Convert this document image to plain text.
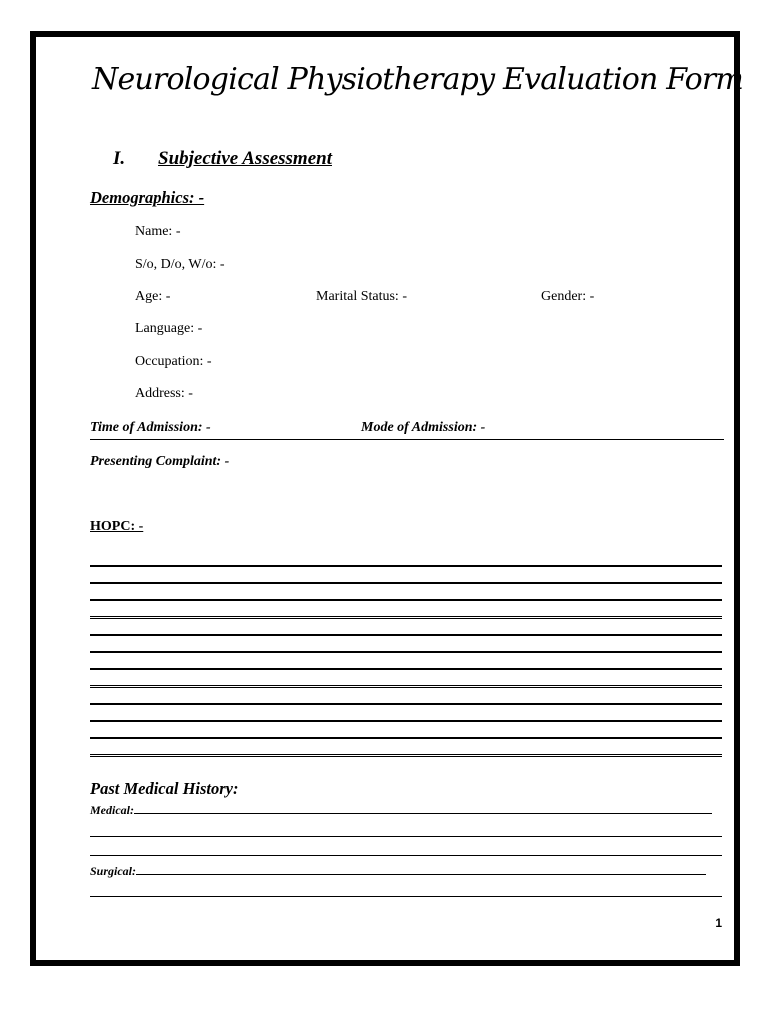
Neurological Physiotherapy Evaluation Form
I. Subjective Assessment
Demographics: -
Name: -
S/o, D/o, W/o: -
Age: -	Marital Status: -	Gender: -
Language: -
Occupation: -
Address: -
Time of Admission: -	Mode of Admission: -
Presenting Complaint: -
HOPC: -
Past Medical History:
Medical:
Surgical:
1
